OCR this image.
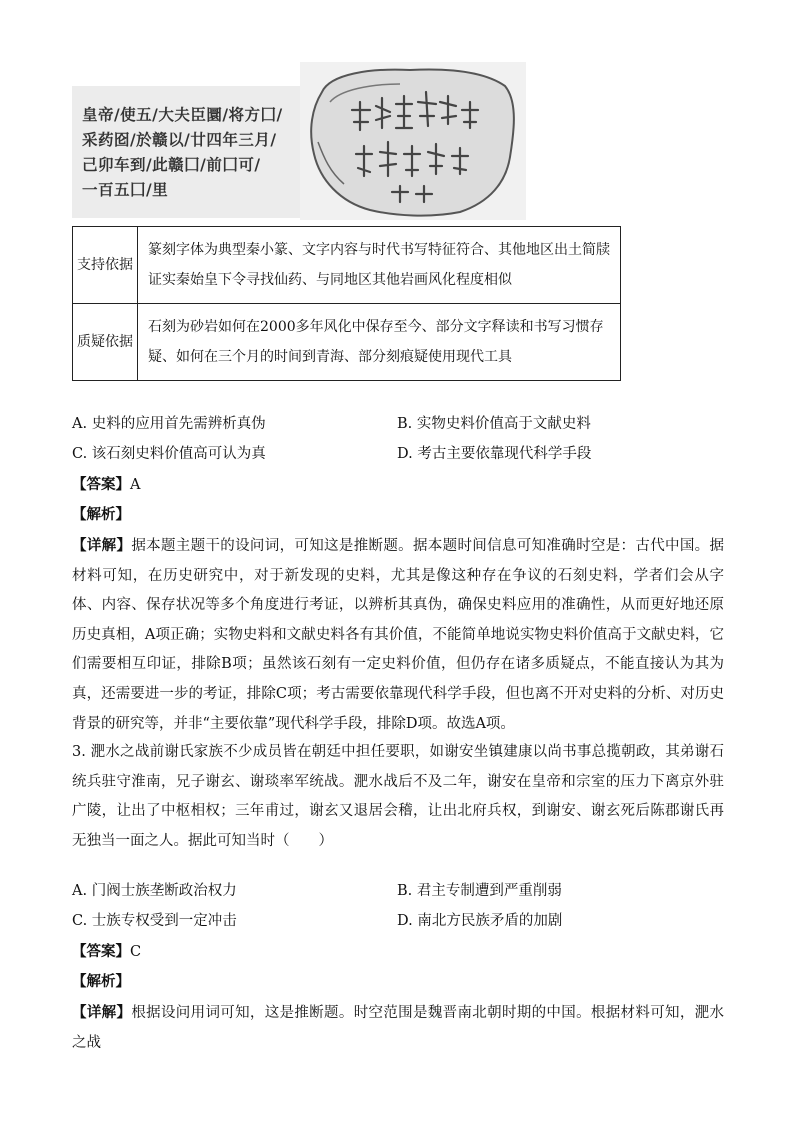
皇帝/使五/大夫臣圜/将方囗/
采药囵/於赣以/廿四年三月/
己卯车到/此赣囗/前囗可/
一百五囗/里
支持依据	篆刻字体为典型秦小篆、文字内容与时代书写特征符合、其他地区出土简牍证实秦始皇下令寻找仙药、与同地区其他岩画风化程度相似
质疑依据	石刻为砂岩如何在2000多年风化中保存至今、部分文字释读和书写习惯存疑、如何在三个月的时间到青海、部分刻痕疑使用现代工具
A. 史料的应用首先需辨析真伪	B. 实物史料价值高于文献史料
C. 该石刻史料价值高可认为真	D. 考古主要依靠现代科学手段
【答案】A
【解析】
【详解】据本题主题干的设问词，可知这是推断题。据本题时间信息可知准确时空是：古代中国。据材料可知，在历史研究中，对于新发现的史料，尤其是像这种存在争议的石刻史料，学者们会从字体、内容、保存状况等多个角度进行考证，以辨析其真伪，确保史料应用的准确性，从而更好地还原历史真相，A项正确；实物史料和文献史料各有其价值，不能简单地说实物史料价值高于文献史料，它们需要相互印证，排除B项；虽然该石刻有一定史料价值，但仍存在诸多质疑点，不能直接认为其为真，还需要进一步的考证，排除C项；考古需要依靠现代科学手段，但也离不开对史料的分析、对历史背景的研究等，并非“主要依靠”现代科学手段，排除D项。故选A项。
3. 淝水之战前谢氏家族不少成员皆在朝廷中担任要职，如谢安坐镇建康以尚书事总揽朝政，其弟谢石统兵驻守淮南，兄子谢玄、谢琰率军统战。淝水战后不及二年，谢安在皇帝和宗室的压力下离京外驻广陵，让出了中枢相权；三年甫过，谢玄又退居会稽，让出北府兵权，到谢安、谢玄死后陈郡谢氏再无独当一面之人。据此可知当时（　　）
A. 门阀士族垄断政治权力	B. 君主专制遭到严重削弱
C. 士族专权受到一定冲击	D. 南北方民族矛盾的加剧
【答案】C
【解析】
【详解】根据设问用词可知，这是推断题。时空范围是魏晋南北朝时期的中国。根据材料可知，淝水之战
